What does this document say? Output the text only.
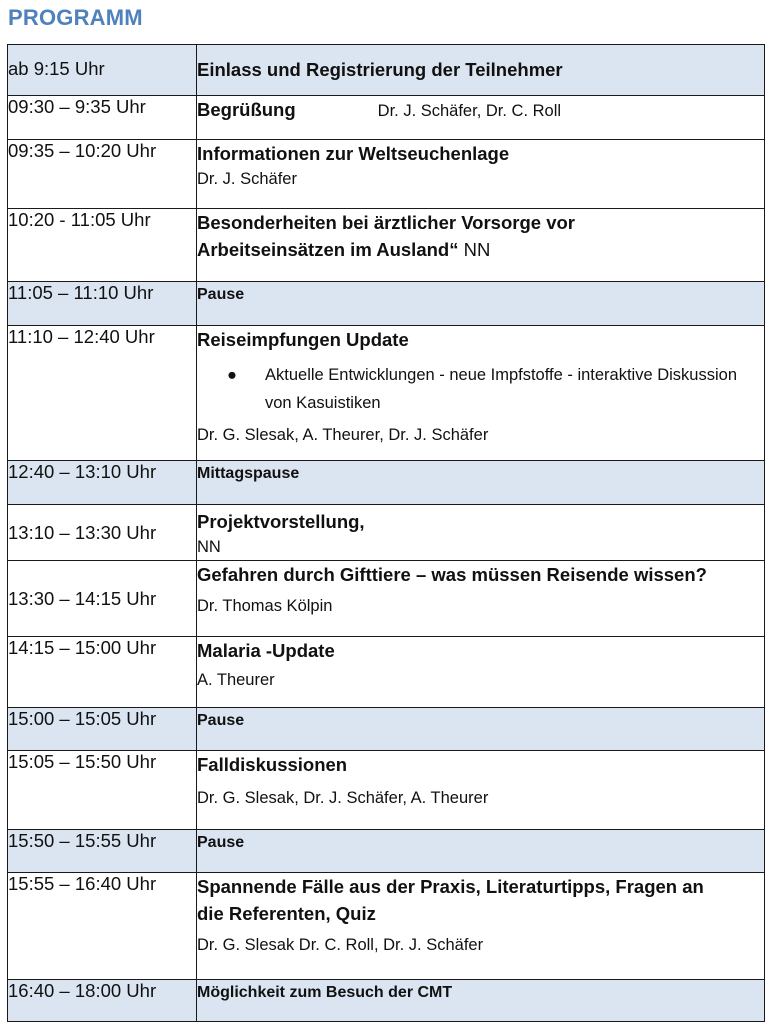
PROGRAMM
ab 9:15 Uhr	Einlass und Registrierung der Teilnehmer

09:30 – 9:35 Uhr	Begrüßung Dr. J. Schäfer, Dr. C. Roll
09:35 – 10:20 Uhr	Informationen zur Weltseuchenlage
Dr. J. Schäfer

10:20 - 11:05 Uhr	Besonderheiten bei ärztlicher Vorsorge vor
Arbeitseinsätzen im Ausland“ NN

11:05 – 11:10 Uhr	Pause

11:10 – 12:40 Uhr	Reiseimpfungen Update
● Aktuelle Entwicklungen - neue Impfstoffe - interaktive Diskussion von Kasuistiken
Dr. G. Slesak, A. Theurer, Dr. J. Schäfer

12:40 – 13:10 Uhr	Mittagspause

13:10 – 13:30 Uhr	Projektvorstellung,
NN

13:30 – 14:15 Uhr	Gefahren durch Gifttiere – was müssen Reisende wissen?
Dr. Thomas Kölpin

14:15 – 15:00 Uhr	Malaria -Update
A. Theurer

15:00 – 15:05 Uhr	Pause

15:05 – 15:50 Uhr	Falldiskussionen
Dr. G. Slesak, Dr. J. Schäfer, A. Theurer

15:50 – 15:55 Uhr	Pause

15:55 – 16:40 Uhr	Spannende Fälle aus der Praxis, Literaturtipps, Fragen an
die Referenten, Quiz
Dr. G. Slesak Dr. C. Roll, Dr. J. Schäfer

16:40 – 18:00 Uhr	Möglichkeit zum Besuch der CMT
